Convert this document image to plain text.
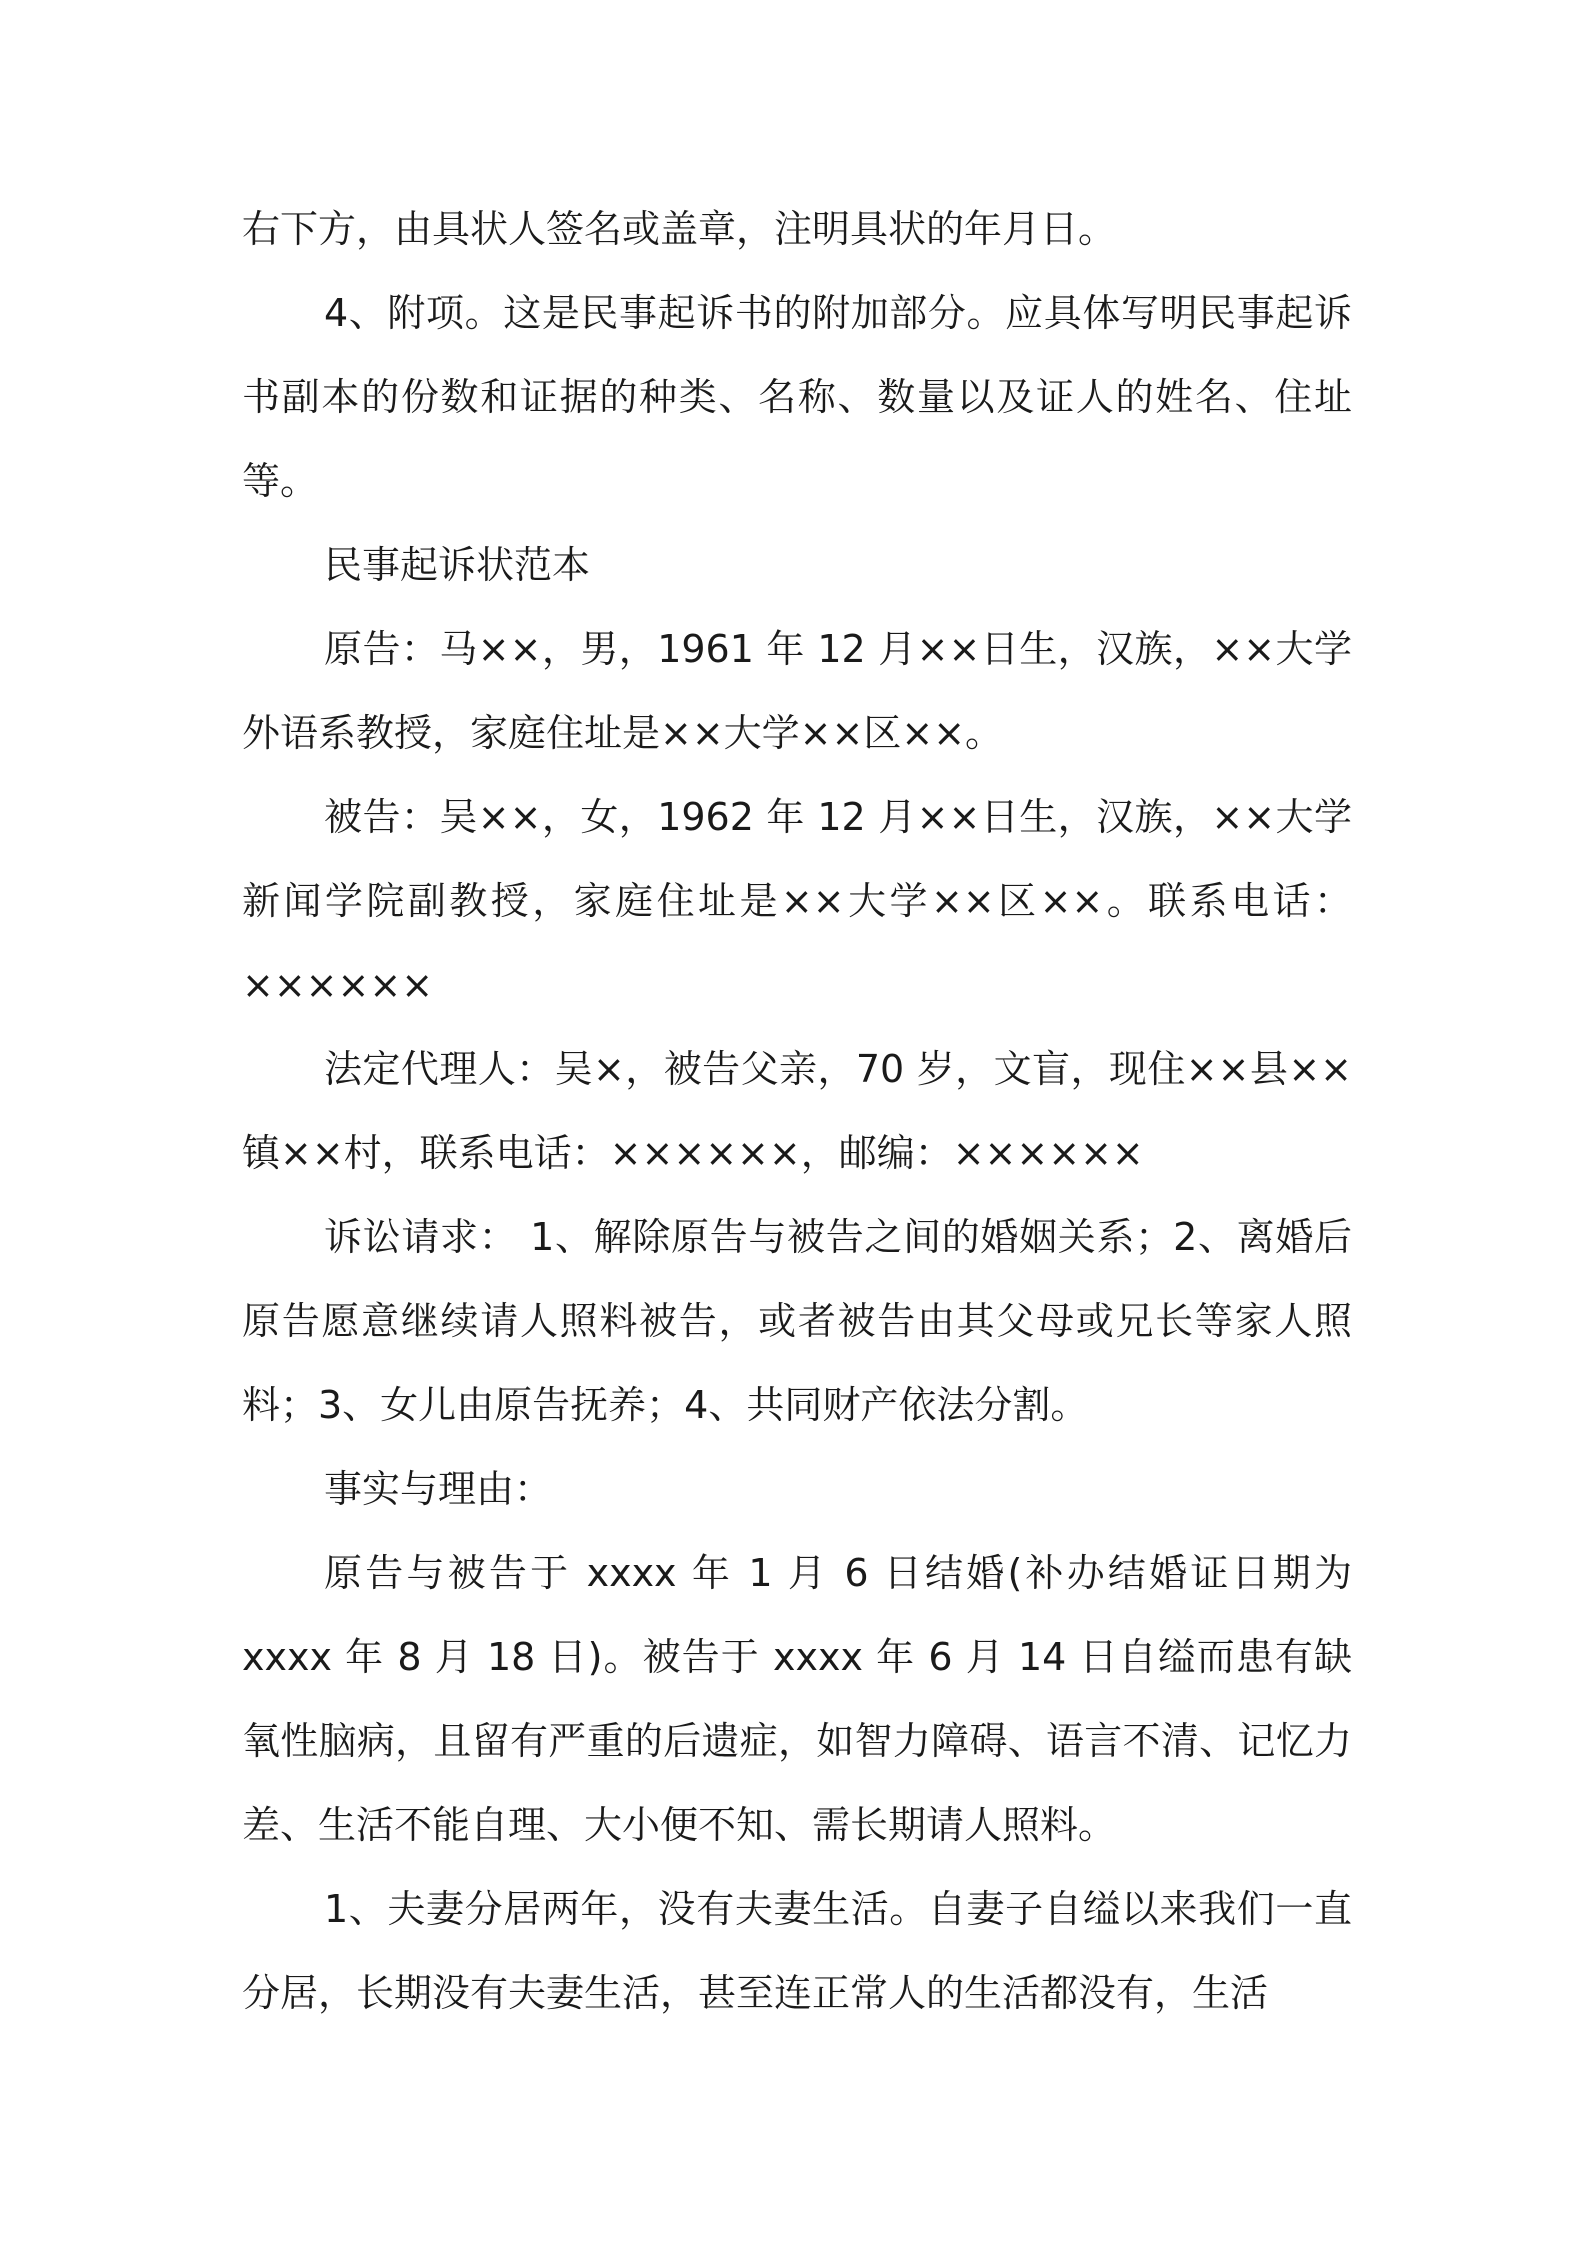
右下方，由具状人签名或盖章，注明具状的年月日。

4、附项。这是民事起诉书的附加部分。应具体写明民事起诉书副本的份数和证据的种类、名称、数量以及证人的姓名、住址等。

民事起诉状范本

原告：马××，男，1961 年 12 月××日生，汉族，××大学外语系教授，家庭住址是××大学××区××。

被告：吴××，女，1962 年 12 月××日生，汉族，××大学新闻学院副教授，家庭住址是××大学××区××。联系电话：××××××

法定代理人：吴×，被告父亲，70 岁，文盲，现住××县××镇××村，联系电话：××××××，邮编：××××××

诉讼请求： 1、解除原告与被告之间的婚姻关系；2、离婚后原告愿意继续请人照料被告，或者被告由其父母或兄长等家人照料；3、女儿由原告抚养；4、共同财产依法分割。

事实与理由：

原告与被告于 xxxx 年 1 月 6 日结婚(补办结婚证日期为 xxxx 年 8 月 18 日)。被告于 xxxx 年 6 月 14 日自缢而患有缺氧性脑病，且留有严重的后遗症，如智力障碍、语言不清、记忆力差、生活不能自理、大小便不知、需长期请人照料。

1、夫妻分居两年，没有夫妻生活。自妻子自缢以来我们一直分居，长期没有夫妻生活，甚至连正常人的生活都没有，生活
